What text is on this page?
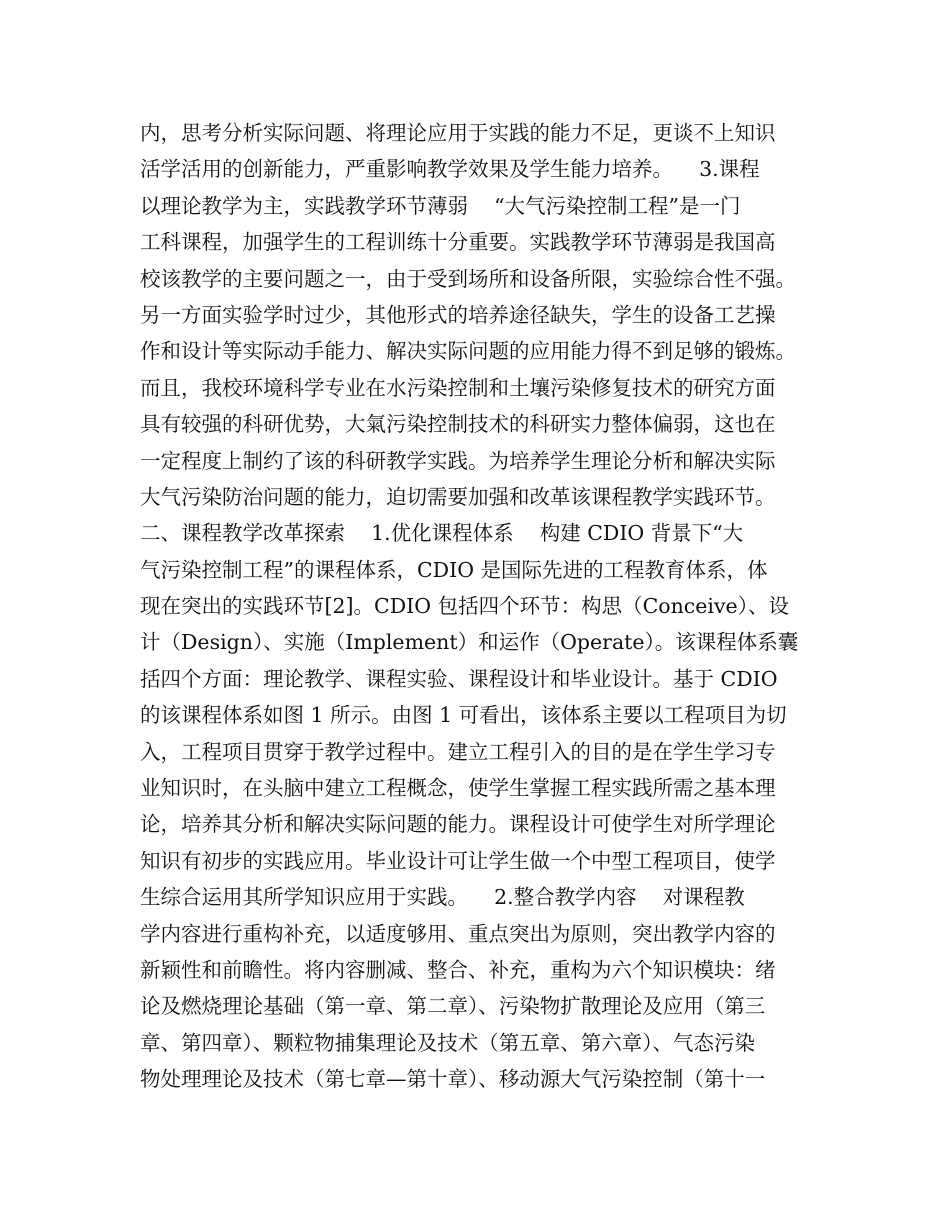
内，思考分析实际问题、将理论应用于实践的能力不足，更谈不上知识
活学活用的创新能力，严重影响教学效果及学生能力培养。    3.课程
以理论教学为主，实践教学环节薄弱    “大气污染控制工程”是一门
工科课程，加强学生的工程训练十分重要。实践教学环节薄弱是我国高
校该教学的主要问题之一，由于受到场所和设备所限，实验综合性不强。
另一方面实验学时过少，其他形式的培养途径缺失，学生的设备工艺操
作和设计等实际动手能力、解决实际问题的应用能力得不到足够的锻炼。
而且，我校环境科学专业在水污染控制和土壤污染修复技术的研究方面
具有较强的科研优势，大氣污染控制技术的科研实力整体偏弱，这也在
一定程度上制约了该的科研教学实践。为培养学生理论分析和解决实际
大气污染防治问题的能力，迫切需要加强和改革该课程教学实践环节。
二、课程教学改革探索    1.优化课程体系    构建 CDIO 背景下“大
气污染控制工程”的课程体系，CDIO 是国际先进的工程教育体系，体
现在突出的实践环节[2]。CDIO 包括四个环节：构思（Conceive）、设
计（Design）、实施（Implement）和运作（Operate）。该课程体系囊
括四个方面：理论教学、课程实验、课程设计和毕业设计。基于 CDIO
的该课程体系如图 1 所示。由图 1 可看出，该体系主要以工程项目为切
入，工程项目贯穿于教学过程中。建立工程引入的目的是在学生学习专
业知识时，在头脑中建立工程概念，使学生掌握工程实践所需之基本理
论，培养其分析和解决实际问题的能力。课程设计可使学生对所学理论
知识有初步的实践应用。毕业设计可让学生做一个中型工程项目，使学
生综合运用其所学知识应用于实践。    2.整合教学内容    对课程教
学内容进行重构补充，以适度够用、重点突出为原则，突出教学内容的
新颖性和前瞻性。将内容删减、整合、补充，重构为六个知识模块：绪
论及燃烧理论基础（第一章、第二章）、污染物扩散理论及应用（第三
章、第四章）、颗粒物捕集理论及技术（第五章、第六章）、气态污染
物处理理论及技术（第七章—第十章）、移动源大气污染控制（第十一
